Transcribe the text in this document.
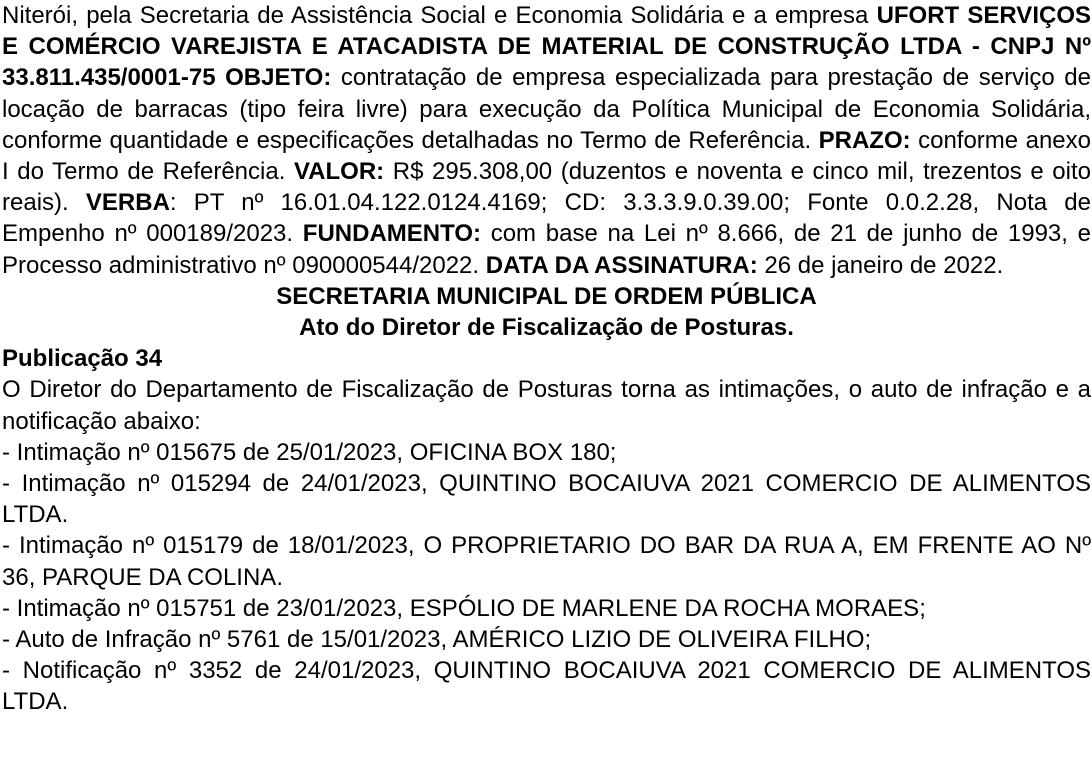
Niterói, pela Secretaria de Assistência Social e Economia Solidária e a empresa UFORT SERVIÇOS E COMÉRCIO VAREJISTA E ATACADISTA DE MATERIAL DE CONSTRUÇÃO LTDA - CNPJ Nº 33.811.435/0001-75 OBJETO: contratação de empresa especializada para prestação de serviço de locação de barracas (tipo feira livre) para execução da Política Municipal de Economia Solidária, conforme quantidade e especificações detalhadas no Termo de Referência. PRAZO: conforme anexo I do Termo de Referência. VALOR: R$ 295.308,00 (duzentos e noventa e cinco mil, trezentos e oito reais). VERBA: PT nº 16.01.04.122.0124.4169; CD: 3.3.3.9.0.39.00; Fonte 0.0.2.28, Nota de Empenho nº 000189/2023. FUNDAMENTO: com base na Lei nº 8.666, de 21 de junho de 1993, e Processo administrativo nº 090000544/2022. DATA DA ASSINATURA: 26 de janeiro de 2022.

SECRETARIA MUNICIPAL DE ORDEM PÚBLICA

Ato do Diretor de Fiscalização de Posturas.

Publicação 34

O Diretor do Departamento de Fiscalização de Posturas torna as intimações, o auto de infração e a notificação abaixo:

- Intimação nº 015675 de 25/01/2023, OFICINA BOX 180;

- Intimação nº 015294 de 24/01/2023, QUINTINO BOCAIUVA 2021 COMERCIO DE ALIMENTOS LTDA.

- Intimação nº 015179 de 18/01/2023, O PROPRIETARIO DO BAR DA RUA A, EM FRENTE AO Nº 36, PARQUE DA COLINA.

- Intimação nº 015751 de 23/01/2023, ESPÓLIO DE MARLENE DA ROCHA MORAES;

- Auto de Infração nº 5761 de 15/01/2023, AMÉRICO LIZIO DE OLIVEIRA FILHO;

- Notificação nº 3352 de 24/01/2023, QUINTINO BOCAIUVA 2021 COMERCIO DE ALIMENTOS LTDA.
